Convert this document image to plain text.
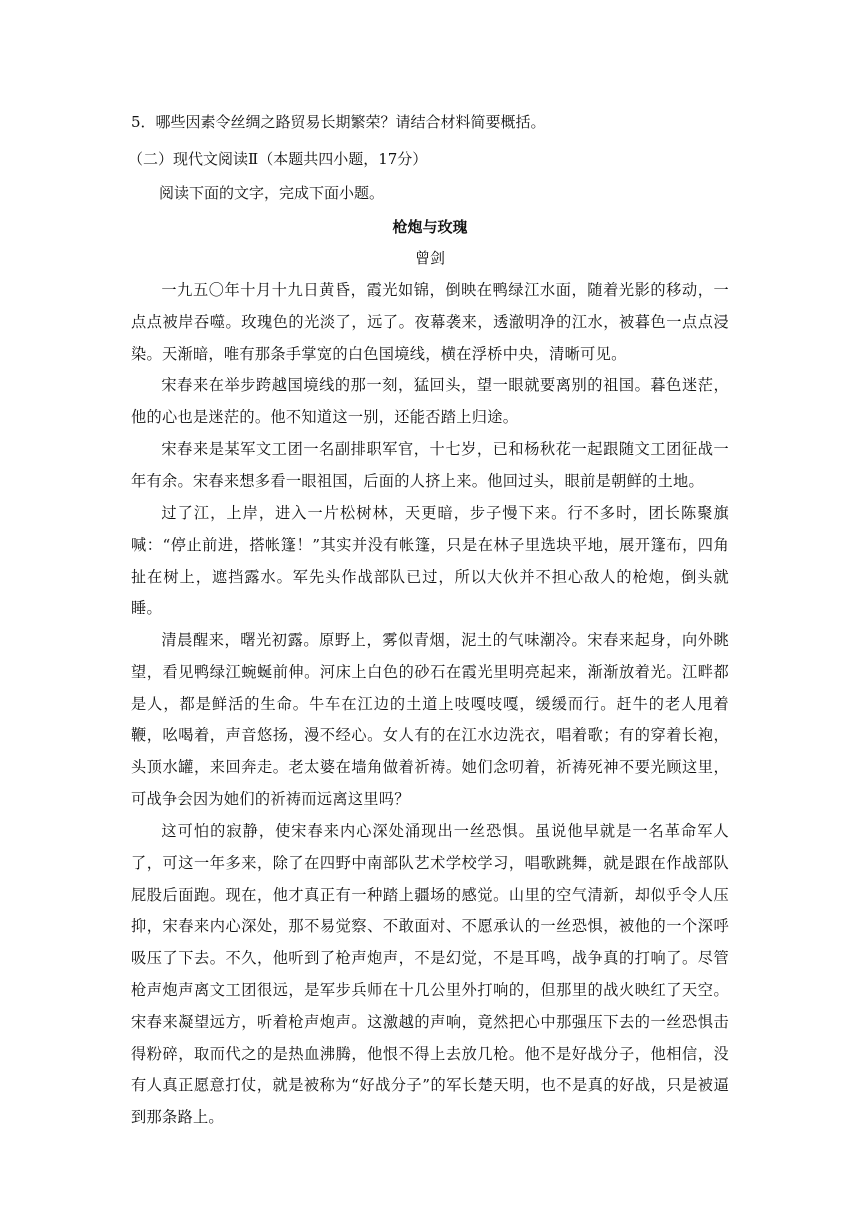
5．哪些因素令丝绸之路贸易长期繁荣？请结合材料简要概括。
（二）现代文阅读Ⅱ（本题共四小题，17分）
阅读下面的文字，完成下面小题。
枪炮与玫瑰
曾剑
一九五〇年十月十九日黄昏，霞光如锦，倒映在鸭绿江水面，随着光影的移动，一点点被岸吞噬。玫瑰色的光淡了，远了。夜幕袭来，透澈明净的江水，被暮色一点点浸染。天渐暗，唯有那条手掌宽的白色国境线，横在浮桥中央，清晰可见。
宋春来在举步跨越国境线的那一刻，猛回头，望一眼就要离别的祖国。暮色迷茫，他的心也是迷茫的。他不知道这一别，还能否踏上归途。
宋春来是某军文工团一名副排职军官，十七岁，已和杨秋花一起跟随文工团征战一年有余。宋春来想多看一眼祖国，后面的人挤上来。他回过头，眼前是朝鲜的土地。
过了江，上岸，进入一片松树林，天更暗，步子慢下来。行不多时，团长陈聚旗喊：“停止前进，搭帐篷！”其实并没有帐篷，只是在林子里选块平地，展开篷布，四角扯在树上，遮挡露水。军先头作战部队已过，所以大伙并不担心敌人的枪炮，倒头就睡。
清晨醒来，曙光初露。原野上，雾似青烟，泥土的气味潮冷。宋春来起身，向外眺望，看见鸭绿江蜿蜒前伸。河床上白色的砂石在霞光里明亮起来，渐渐放着光。江畔都是人，都是鲜活的生命。牛车在江边的土道上吱嘎吱嘎，缓缓而行。赶牛的老人甩着鞭，吆喝着，声音悠扬，漫不经心。女人有的在江水边洗衣，唱着歌；有的穿着长袍，头顶水罐，来回奔走。老太婆在墙角做着祈祷。她们念叨着，祈祷死神不要光顾这里，可战争会因为她们的祈祷而远离这里吗？
这可怕的寂静，使宋春来内心深处涌现出一丝恐惧。虽说他早就是一名革命军人了，可这一年多来，除了在四野中南部队艺术学校学习，唱歌跳舞，就是跟在作战部队屁股后面跑。现在，他才真正有一种踏上疆场的感觉。山里的空气清新，却似乎令人压抑，宋春来内心深处，那不易觉察、不敢面对、不愿承认的一丝恐惧，被他的一个深呼吸压了下去。不久，他听到了枪声炮声，不是幻觉，不是耳鸣，战争真的打响了。尽管枪声炮声离文工团很远，是军步兵师在十几公里外打响的，但那里的战火映红了天空。宋春来凝望远方，听着枪声炮声。这激越的声响，竟然把心中那强压下去的一丝恐惧击得粉碎，取而代之的是热血沸腾，他恨不得上去放几枪。他不是好战分子，他相信，没有人真正愿意打仗，就是被称为“好战分子”的军长楚天明，也不是真的好战，只是被逼到那条路上。
